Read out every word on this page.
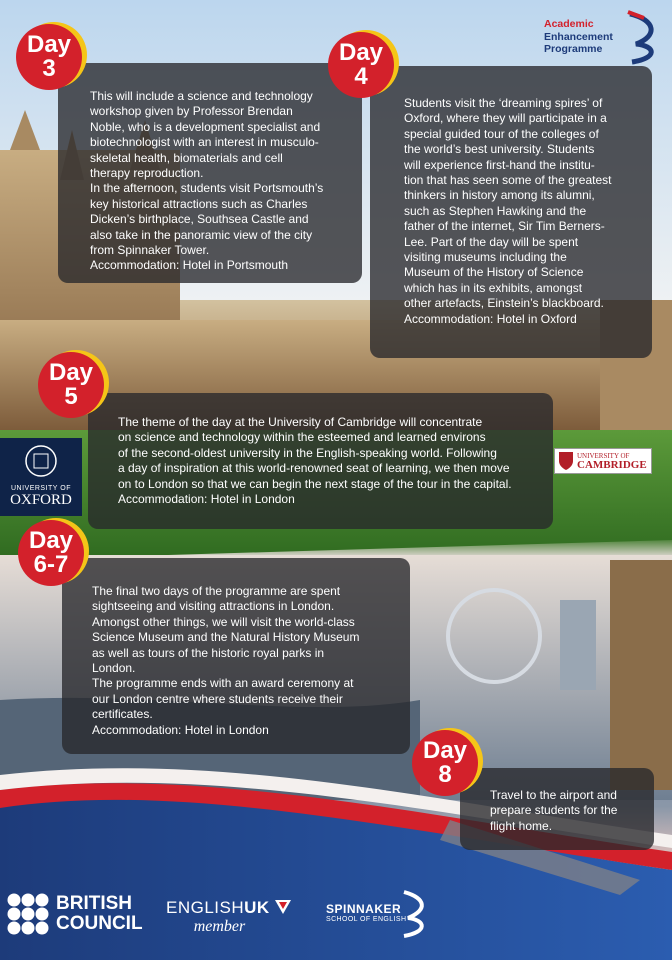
Academic
Enhancement
Programme

This will include a science and technology

workshop given by Professor Brendan

Noble, who is a development specialist and

biotechnologist with an interest in musculo-

skeletal health, biomaterials and cell

therapy reproduction.

In the afternoon, students visit Portsmouth’s

key historical attractions such as Charles

Dicken’s birthplace, Southsea Castle and

also take in the panoramic view of the city

from Spinnaker Tower.

Accommodation: Hotel in Portsmouth

Day
3

Students visit the ‘dreaming spires’ of

Oxford, where they will participate in a

special guided tour of the colleges of

the world’s best university. Students

will experience first-hand the institu-

tion that has seen some of the greatest

thinkers in history among its alumni,

such as Stephen Hawking and the

father of the internet, Sir Tim Berners-

Lee. Part of the day will be spent

visiting museums including the

Museum of the History of Science

which has in its exhibits, amongst

other artefacts, Einstein’s blackboard.

Accommodation: Hotel in Oxford

Day
4
UNIVERSITY OF
OXFORD
UNIVERSITY OF
CAMBRIDGE

The theme of the day at the University of Cambridge will concentrate

on science and technology within the esteemed and learned environs

of the second-oldest university in the English-speaking world. Following

a day of inspiration at this world-renowned seat of learning, we then move

on to London so that we can begin the next stage of the tour in the capital.

Accommodation: Hotel in London

Day
5

The final two days of the programme are spent

sightseeing and visiting attractions in London.

Amongst other things, we will visit the world-class

Science Museum and the Natural History Museum

as well as tours of the historic royal parks in

London.

The programme ends with an award ceremony at

our London centre where students receive their

certificates.

Accommodation: Hotel in London

Day
6-7

Travel to the airport and

prepare students for the

flight home.

Day
8
BRITISH
COUNCIL
ENGLISHUK
member
SPINNAKER
SCHOOL OF ENGLISH
